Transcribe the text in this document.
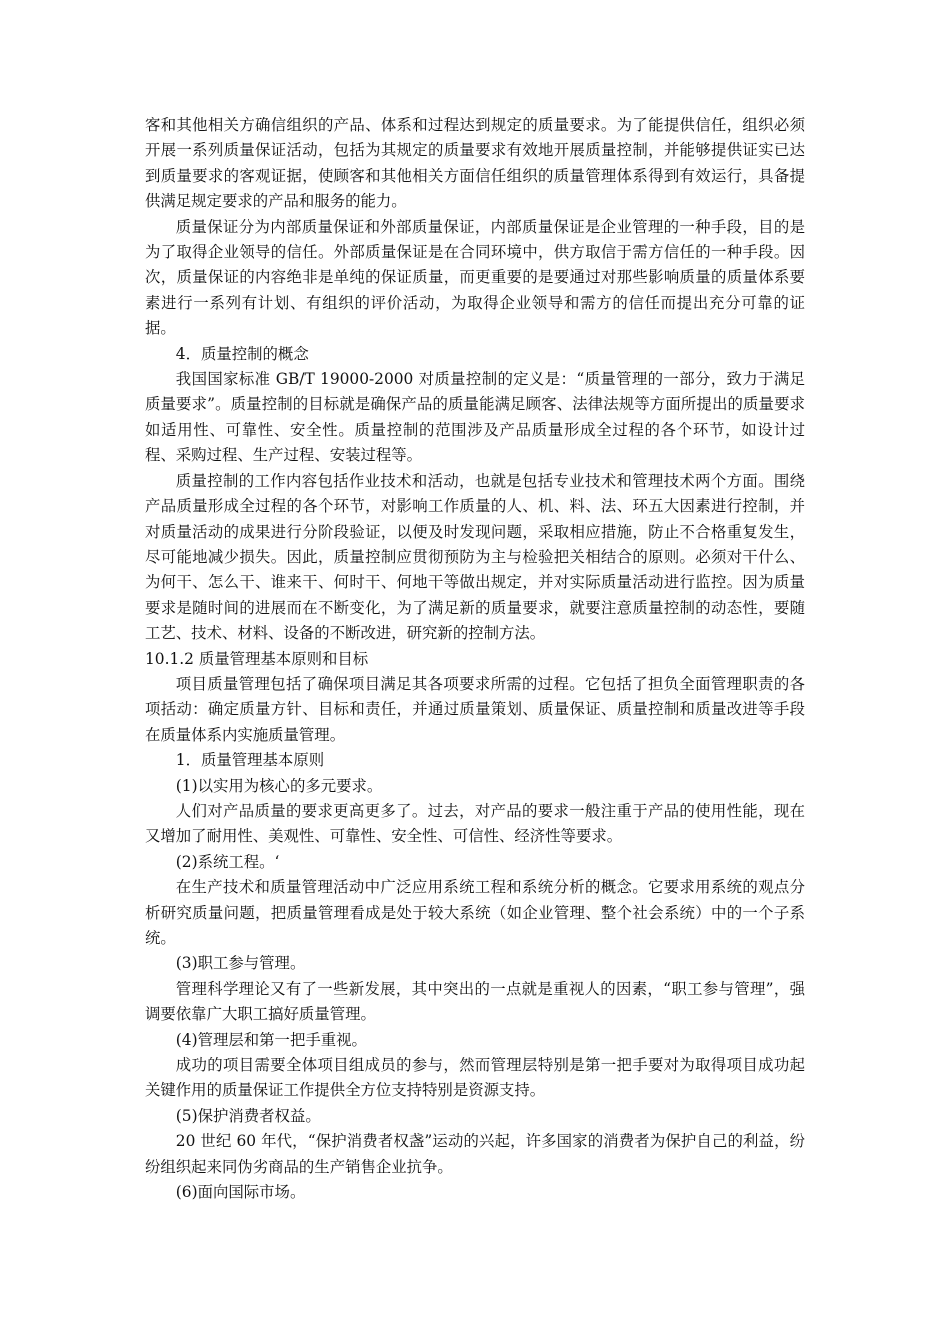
客和其他相关方确信组织的产品、体系和过程达到规定的质量要求。为了能提供信任，组织必须开展一系列质量保证活动，包括为其规定的质量要求有效地开展质量控制，并能够提供证实已达到质量要求的客观证据，使顾客和其他相关方面信任组织的质量管理体系得到有效运行，具备提供满足规定要求的产品和服务的能力。

质量保证分为内部质量保证和外部质量保证，内部质量保证是企业管理的一种手段，目的是为了取得企业领导的信任。外部质量保证是在合同环境中，供方取信于需方信任的一种手段。因次，质量保证的内容绝非是单纯的保证质量，而更重要的是要通过对那些影响质量的质量体系要素进行一系列有计划、有组织的评价活动，为取得企业领导和需方的信任而提出充分可靠的证据。

4．质量控制的概念

我国国家标准 GB/T 19000-2000 对质量控制的定义是：“质量管理的一部分，致力于满足质量要求”。质量控制的目标就是确保产品的质量能满足顾客、法律法规等方面所提出的质量要求如适用性、可靠性、安全性。质量控制的范围涉及产品质量形成全过程的各个环节，如设计过程、采购过程、生产过程、安装过程等。

质量控制的工作内容包括作业技术和活动，也就是包括专业技术和管理技术两个方面。围绕产品质量形成全过程的各个环节，对影响工作质量的人、机、料、法、环五大因素进行控制，并对质量活动的成果进行分阶段验证，以便及时发现问题，采取相应措施，防止不合格重复发生，尽可能地减少损失。因此，质量控制应贯彻预防为主与检验把关相结合的原则。必须对干什么、为何干、怎么干、谁来干、何时干、何地干等做出规定，并对实际质量活动进行监控。因为质量要求是随时间的进展而在不断变化，为了满足新的质量要求，就要注意质量控制的动态性，要随工艺、技术、材料、设备的不断改进，研究新的控制方法。

10.1.2 质量管理基本原则和目标

项目质量管理包括了确保项目满足其各项要求所需的过程。它包括了担负全面管理职责的各项括动：确定质量方针、目标和责任，并通过质量策划、质量保证、质量控制和质量改进等手段在质量体系内实施质量管理。

1．质量管理基本原则

(1)以实用为核心的多元要求。

人们对产品质量的要求更高更多了。过去，对产品的要求一般注重于产品的使用性能，现在又增加了耐用性、美观性、可靠性、安全性、可信性、经济性等要求。

(2)系统工程。‘

在生产技术和质量管理活动中广泛应用系统工程和系统分析的概念。它要求用系统的观点分析研究质量问题，把质量管理看成是处于较大系统（如企业管理、整个社会系统）中的一个子系统。

(3)职工参与管理。

管理科学理论又有了一些新发展，其中突出的一点就是重视人的因素，“职工参与管理”，强调要依靠广大职工搞好质量管理。

(4)管理层和第一把手重视。

成功的项目需要全体项目组成员的参与，然而管理层特别是第一把手要对为取得项目成功起关键作用的质量保证工作提供全方位支持特别是资源支持。

(5)保护消费者权益。

20 世纪 60 年代，“保护消费者权盏”运动的兴起，许多国家的消费者为保护自己的利益，纷纷组织起来同伪劣商品的生产销售企业抗争。

(6)面向国际市场。
